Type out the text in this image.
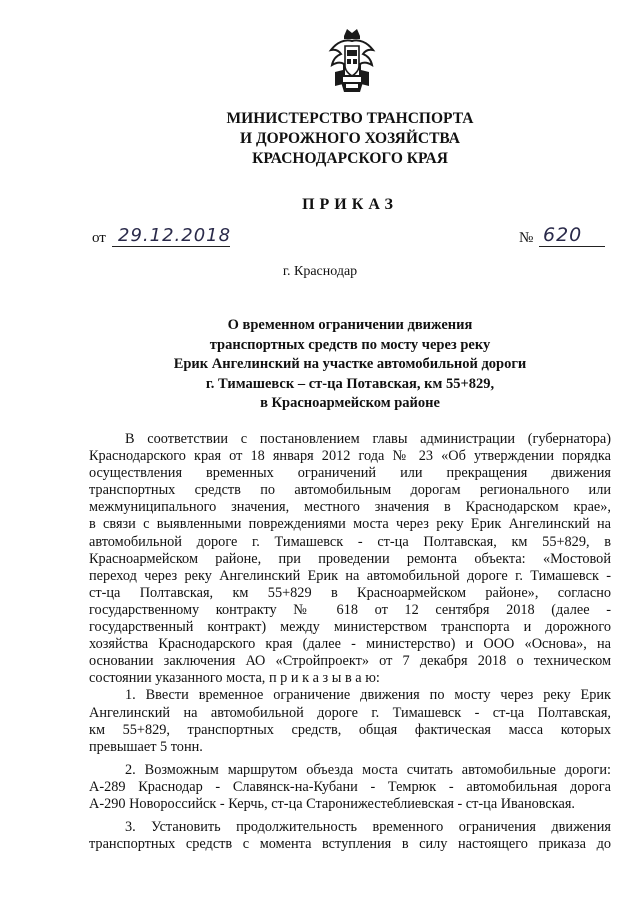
МИНИСТЕРСТВО ТРАНСПОРТА
И ДОРОЖНОГО ХОЗЯЙСТВА
КРАСНОДАРСКОГО КРАЯ
ПРИКАЗ
от 29.12.2018	№ 620
г. Краснодар
О временном ограничении движения
транспортных средств по мосту через реку
Ерик Ангелинский на участке автомобильной дороги
г. Тимашевск – ст-ца Потавская, км 55+829,
в Красноармейском районе
В соответствии с постановлением главы администрации (губернатора)
Краснодарского края от 18 января 2012 года № 23 «Об утверждении порядка
осуществления временных ограничений или прекращения движения
транспортных средств по автомобильным дорогам регионального или
межмуниципального значения, местного значения в Краснодарском крае»,
в связи с выявленными повреждениями моста через реку Ерик Ангелинский на
автомобильной дороге г. Тимашевск - ст-ца Полтавская, км 55+829, в
Красноармейском районе, при проведении ремонта объекта: «Мостовой
переход через реку Ангелинский Ерик на автомобильной дороге г. Тимашевск -
ст-ца Полтавская, км 55+829 в Красноармейском районе», согласно
государственному контракту № 618 от 12 сентября 2018 (далее -
государственный контракт) между министерством транспорта и дорожного
хозяйства Краснодарского края (далее - министерство) и ООО «Основа», на
основании заключения АО «Стройпроект» от 7 декабря 2018 о техническом
состоянии указанного моста, п р и к а з ы в а ю:
1. Ввести временное ограничение движения по мосту через реку Ерик
Ангелинский на автомобильной дороге г. Тимашевск - ст-ца Полтавская,
км 55+829, транспортных средств, общая фактическая масса которых
превышает 5 тонн.
2. Возможным маршрутом объезда моста считать автомобильные дороги:
А-289 Краснодар - Славянск-на-Кубани - Темрюк - автомобильная дорога
А-290 Новороссийск - Керчь, ст-ца Старонижестеблиевская - ст-ца Ивановская.
3. Установить продолжительность временного ограничения движения
транспортных средств с момента вступления в силу настоящего приказа до
